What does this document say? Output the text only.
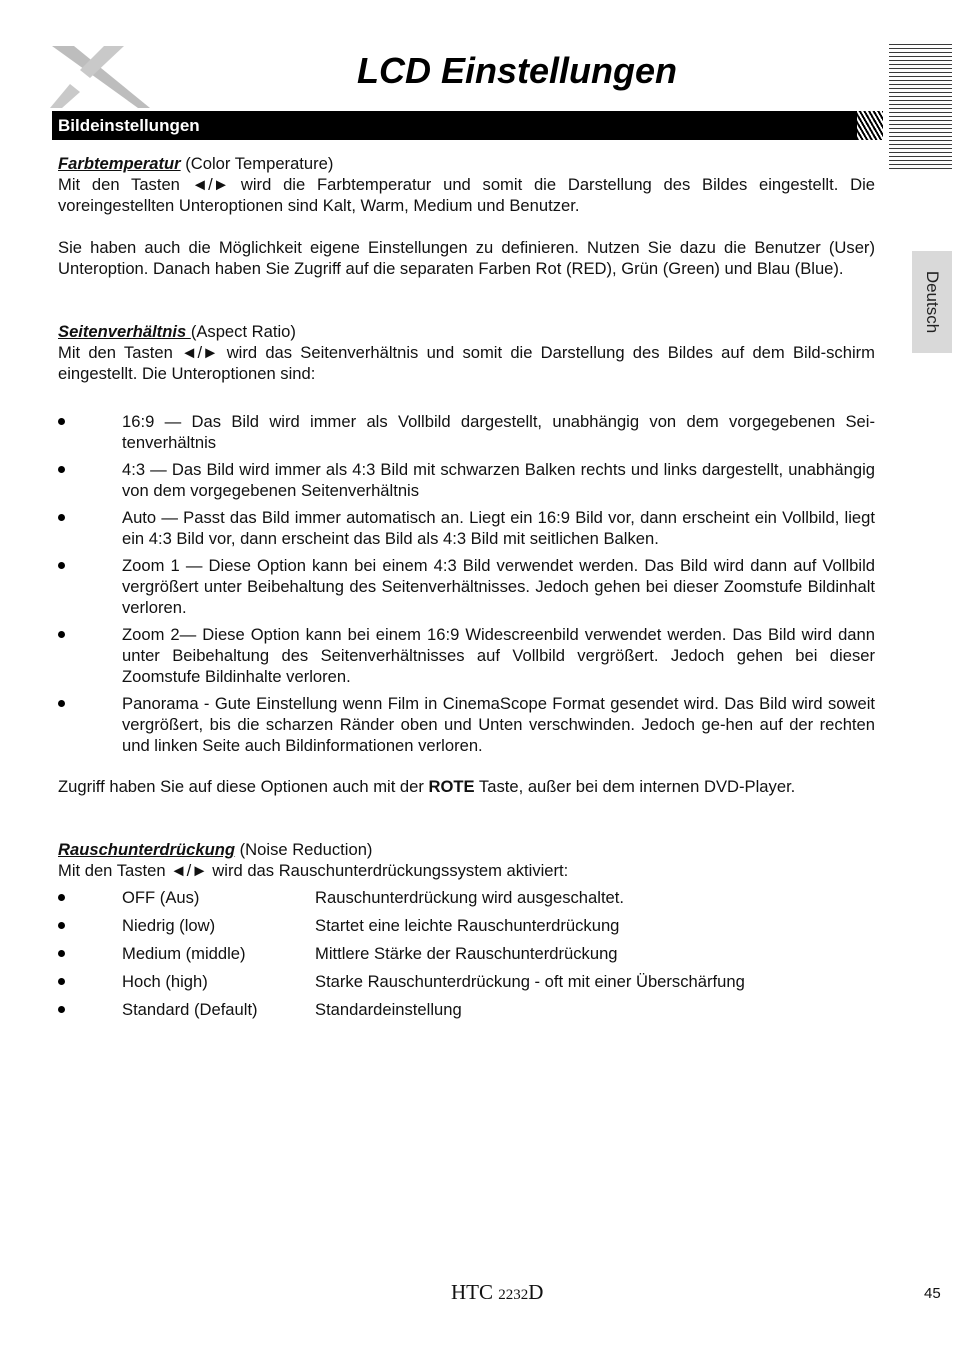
LCD Einstellungen
Deutsch
Bildeinstellungen

Farbtemperatur (Color Temperature)

Mit den Tasten ◄/► wird die Farbtemperatur und somit die Darstellung des Bildes eingestellt. Die voreingestellten Unteroptionen sind Kalt, Warm, Medium und Benutzer.

Sie haben auch die Möglichkeit eigene Einstellungen zu definieren. Nutzen Sie dazu die Benutzer (User) Unteroption. Danach haben Sie Zugriff auf die separaten Farben Rot (RED), Grün (Green) und Blau (Blue).

Seitenverhältnis (Aspect Ratio)

Mit den Tasten ◄/► wird das Seitenverhältnis und somit die Darstellung des Bildes auf dem Bild-schirm eingestellt. Die Unteroptionen sind:

16:9 — Das Bild wird immer als Vollbild dargestellt, unabhängig von dem vorgegebenen Sei-tenverhältnis
4:3 — Das Bild wird immer als 4:3 Bild mit schwarzen Balken rechts und links dargestellt, unabhängig von dem vorgegebenen Seitenverhältnis
Auto — Passt das Bild immer automatisch an. Liegt ein 16:9 Bild vor, dann erscheint ein Vollbild, liegt ein 4:3 Bild vor, dann erscheint das Bild als 4:3 Bild mit seitlichen Balken.
Zoom 1 — Diese Option kann bei einem 4:3 Bild verwendet werden. Das Bild wird dann auf Vollbild vergrößert unter Beibehaltung des Seitenverhältnisses. Jedoch gehen bei dieser Zoomstufe Bildinhalt verloren.
Zoom 2— Diese Option kann bei einem 16:9 Widescreenbild verwendet werden. Das Bild wird dann unter Beibehaltung des Seitenverhältnisses auf Vollbild vergrößert. Jedoch gehen bei dieser Zoomstufe Bildinhalte verloren.
Panorama - Gute Einstellung wenn Film in CinemaScope Format gesendet wird. Das Bild wird soweit vergrößert, bis die scharzen Ränder oben und Unten verschwinden. Jedoch ge-hen auf der rechten und linken Seite auch Bildinformationen verloren.

Zugriff haben Sie auf diese Optionen auch mit der ROTE Taste, außer bei dem internen DVD-Player.

Rauschunterdrückung (Noise Reduction)

Mit den Tasten ◄/► wird das Rauschunterdrückungssystem aktiviert:

OFF (Aus)	Rauschunterdrückung wird ausgeschaltet.
Niedrig (low)	Startet eine leichte Rauschunterdrückung
Medium (middle)	Mittlere Stärke der Rauschunterdrückung
Hoch (high)	Starke Rauschunterdrückung - oft mit einer Überschärfung
Standard (Default)	Standardeinstellung
HTC 2232D	45
